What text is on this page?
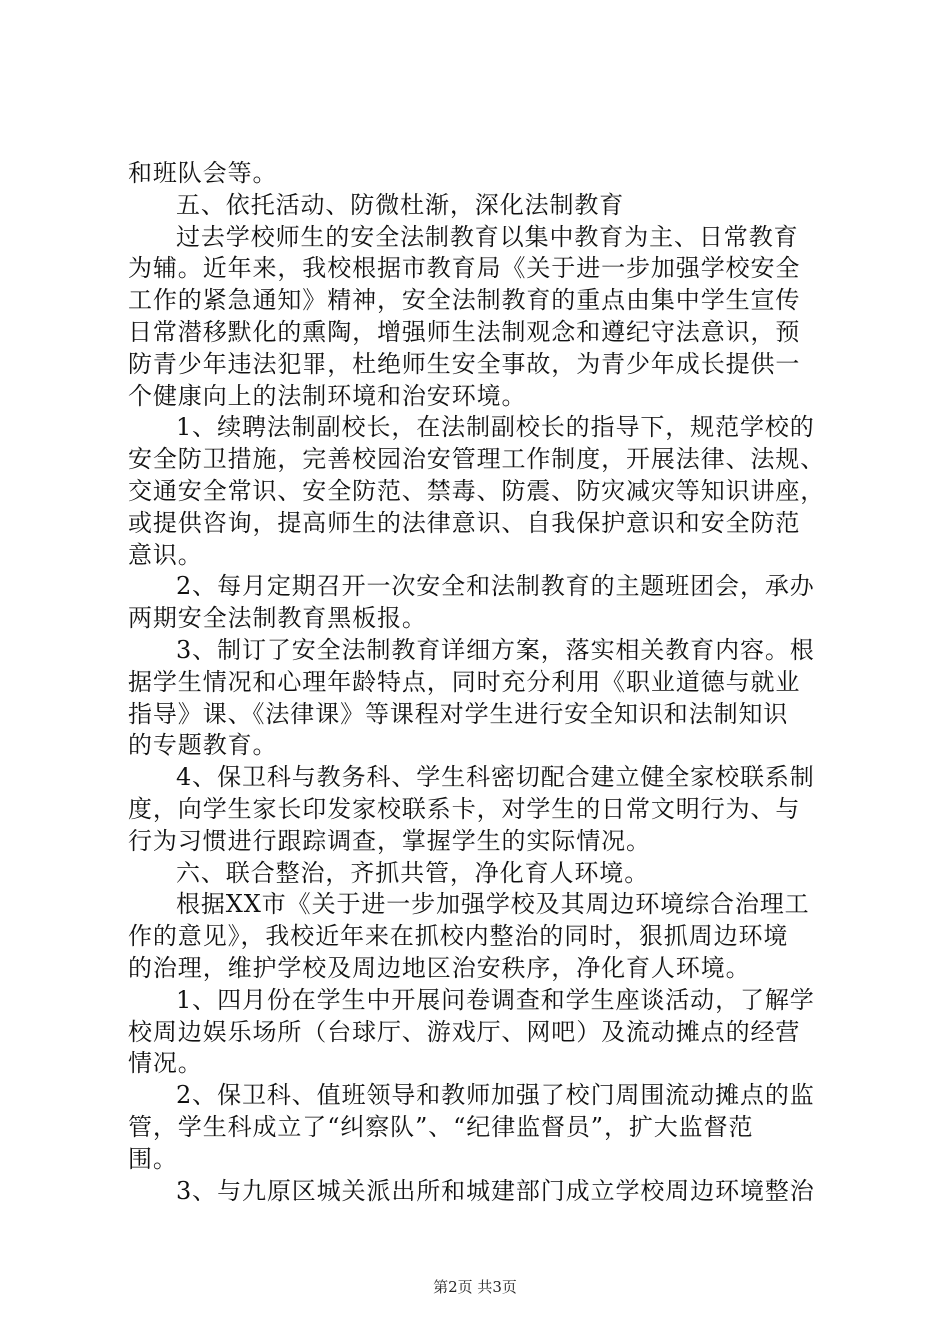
和班队会等。
五、依托活动、防微杜渐，深化法制教育
过去学校师生的安全法制教育以集中教育为主、日常教育
为辅。近年来，我校根据市教育局《关于进一步加强学校安全
工作的紧急通知》精神，安全法制教育的重点由集中学生宣传
日常潜移默化的熏陶，增强师生法制观念和遵纪守法意识，预
防青少年违法犯罪，杜绝师生安全事故，为青少年成长提供一
个健康向上的法制环境和治安环境。
1、续聘法制副校长，在法制副校长的指导下，规范学校的
安全防卫措施，完善校园治安管理工作制度，开展法律、法规、
交通安全常识、安全防范、禁毒、防震、防灾减灾等知识讲座，
或提供咨询，提高师生的法律意识、自我保护意识和安全防范
意识。
2、每月定期召开一次安全和法制教育的主题班团会，承办
两期安全法制教育黑板报。
3、制订了安全法制教育详细方案，落实相关教育内容。根
据学生情况和心理年龄特点，同时充分利用《职业道德与就业
指导》课、《法律课》等课程对学生进行安全知识和法制知识
的专题教育。
4、保卫科与教务科、学生科密切配合建立健全家校联系制
度，向学生家长印发家校联系卡，对学生的日常文明行为、与
行为习惯进行跟踪调查，掌握学生的实际情况。
六、联合整治，齐抓共管，净化育人环境。
根据XX市《关于进一步加强学校及其周边环境综合治理工
作的意见》，我校近年来在抓校内整治的同时，狠抓周边环境
的治理，维护学校及周边地区治安秩序，净化育人环境。
1、四月份在学生中开展问卷调查和学生座谈活动，了解学
校周边娱乐场所（台球厅、游戏厅、网吧）及流动摊点的经营
情况。
2、保卫科、值班领导和教师加强了校门周围流动摊点的监
管，学生科成立了“纠察队”、“纪律监督员”，扩大监督范
围。
3、与九原区城关派出所和城建部门成立学校周边环境整治
第2页 共3页
